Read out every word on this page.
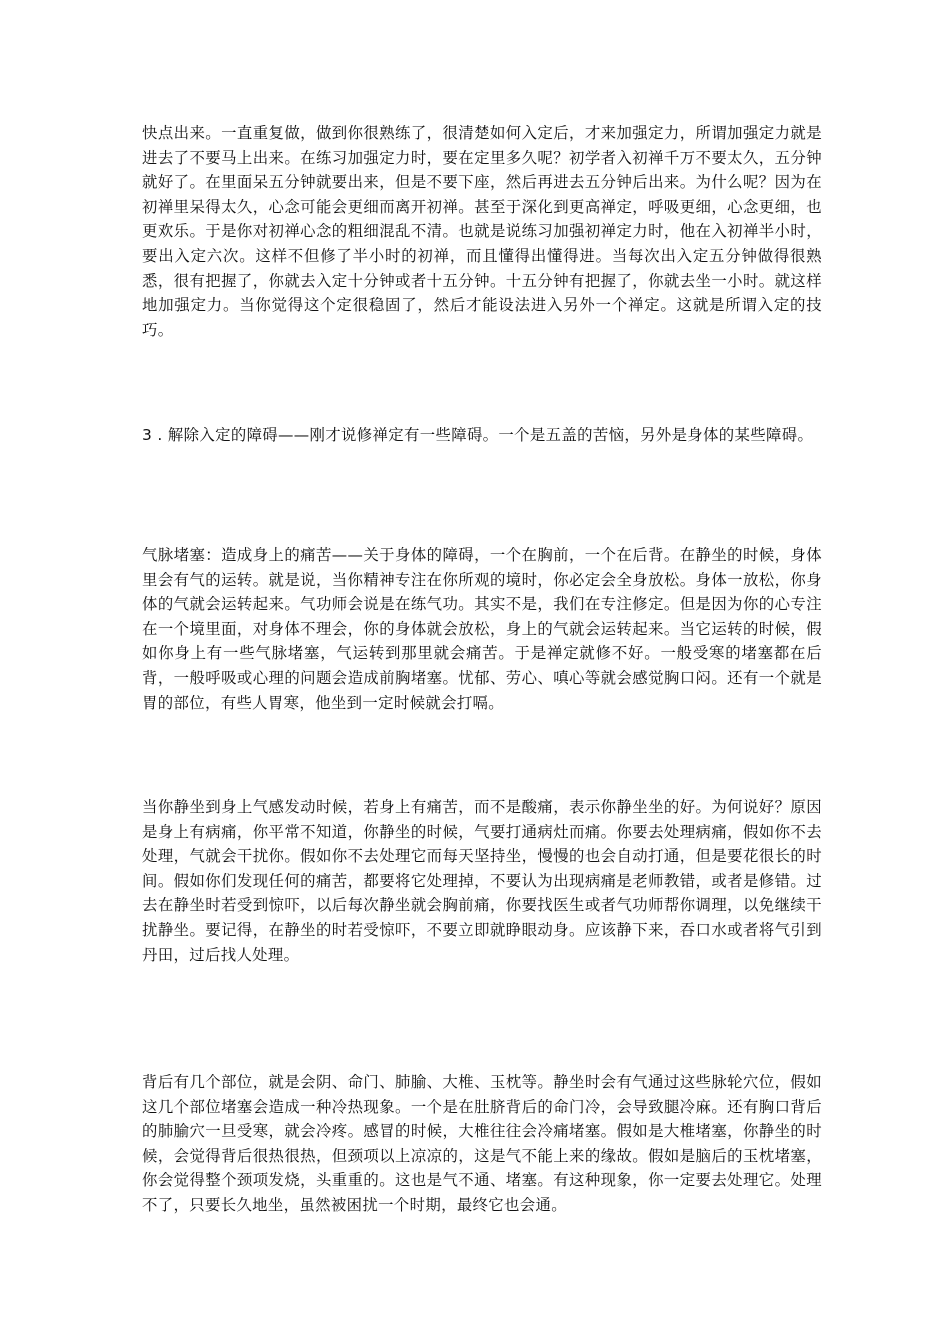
快点出来。一直重复做，做到你很熟练了，很清楚如何入定后，才来加强定力，所谓加强定力就是进去了不要马上出来。在练习加强定力时，要在定里多久呢？初学者入初禅千万不要太久，五分钟就好了。在里面呆五分钟就要出来，但是不要下座，然后再进去五分钟后出来。为什么呢？因为在初禅里呆得太久，心念可能会更细而离开初禅。甚至于深化到更高禅定，呼吸更细，心念更细，也更欢乐。于是你对初禅心念的粗细混乱不清。也就是说练习加强初禅定力时，他在入初禅半小时，要出入定六次。这样不但修了半小时的初禅，而且懂得出懂得进。当每次出入定五分钟做得很熟悉，很有把握了，你就去入定十分钟或者十五分钟。十五分钟有把握了，你就去坐一小时。就这样地加强定力。当你觉得这个定很稳固了，然后才能设法进入另外一个禅定。这就是所谓入定的技巧。

3 . 解除入定的障碍——刚才说修禅定有一些障碍。一个是五盖的苦恼，另外是身体的某些障碍。

气脉堵塞：造成身上的痛苦——关于身体的障碍，一个在胸前，一个在后背。在静坐的时候，身体里会有气的运转。就是说，当你精神专注在你所观的境时，你必定会全身放松。身体一放松，你身体的气就会运转起来。气功师会说是在练气功。其实不是，我们在专注修定。但是因为你的心专注在一个境里面，对身体不理会，你的身体就会放松，身上的气就会运转起来。当它运转的时候，假如你身上有一些气脉堵塞，气运转到那里就会痛苦。于是禅定就修不好。一般受寒的堵塞都在后背，一般呼吸或心理的问题会造成前胸堵塞。忧郁、劳心、嗔心等就会感觉胸口闷。还有一个就是胃的部位，有些人胃寒，他坐到一定时候就会打嗝。

当你静坐到身上气感发动时候，若身上有痛苦，而不是酸痛，表示你静坐坐的好。为何说好？原因是身上有病痛，你平常不知道，你静坐的时候，气要打通病灶而痛。你要去处理病痛，假如你不去处理，气就会干扰你。假如你不去处理它而每天坚持坐，慢慢的也会自动打通，但是要花很长的时间。假如你们发现任何的痛苦，都要将它处理掉，不要认为出现病痛是老师教错，或者是修错。过去在静坐时若受到惊吓，以后每次静坐就会胸前痛，你要找医生或者气功师帮你调理，以免继续干扰静坐。要记得，在静坐的时若受惊吓，不要立即就睁眼动身。应该静下来，吞口水或者将气引到丹田，过后找人处理。

背后有几个部位，就是会阴、命门、肺腧、大椎、玉枕等。静坐时会有气通过这些脉轮穴位，假如这几个部位堵塞会造成一种冷热现象。一个是在肚脐背后的命门冷，会导致腿冷麻。还有胸口背后的肺腧穴一旦受寒，就会冷疼。感冒的时候，大椎往往会冷痛堵塞。假如是大椎堵塞，你静坐的时候，会觉得背后很热很热，但颈项以上凉凉的，这是气不能上来的缘故。假如是脑后的玉枕堵塞，你会觉得整个颈项发烧，头重重的。这也是气不通、堵塞。有这种现象，你一定要去处理它。处理不了，只要长久地坐，虽然被困扰一个时期，最终它也会通。
